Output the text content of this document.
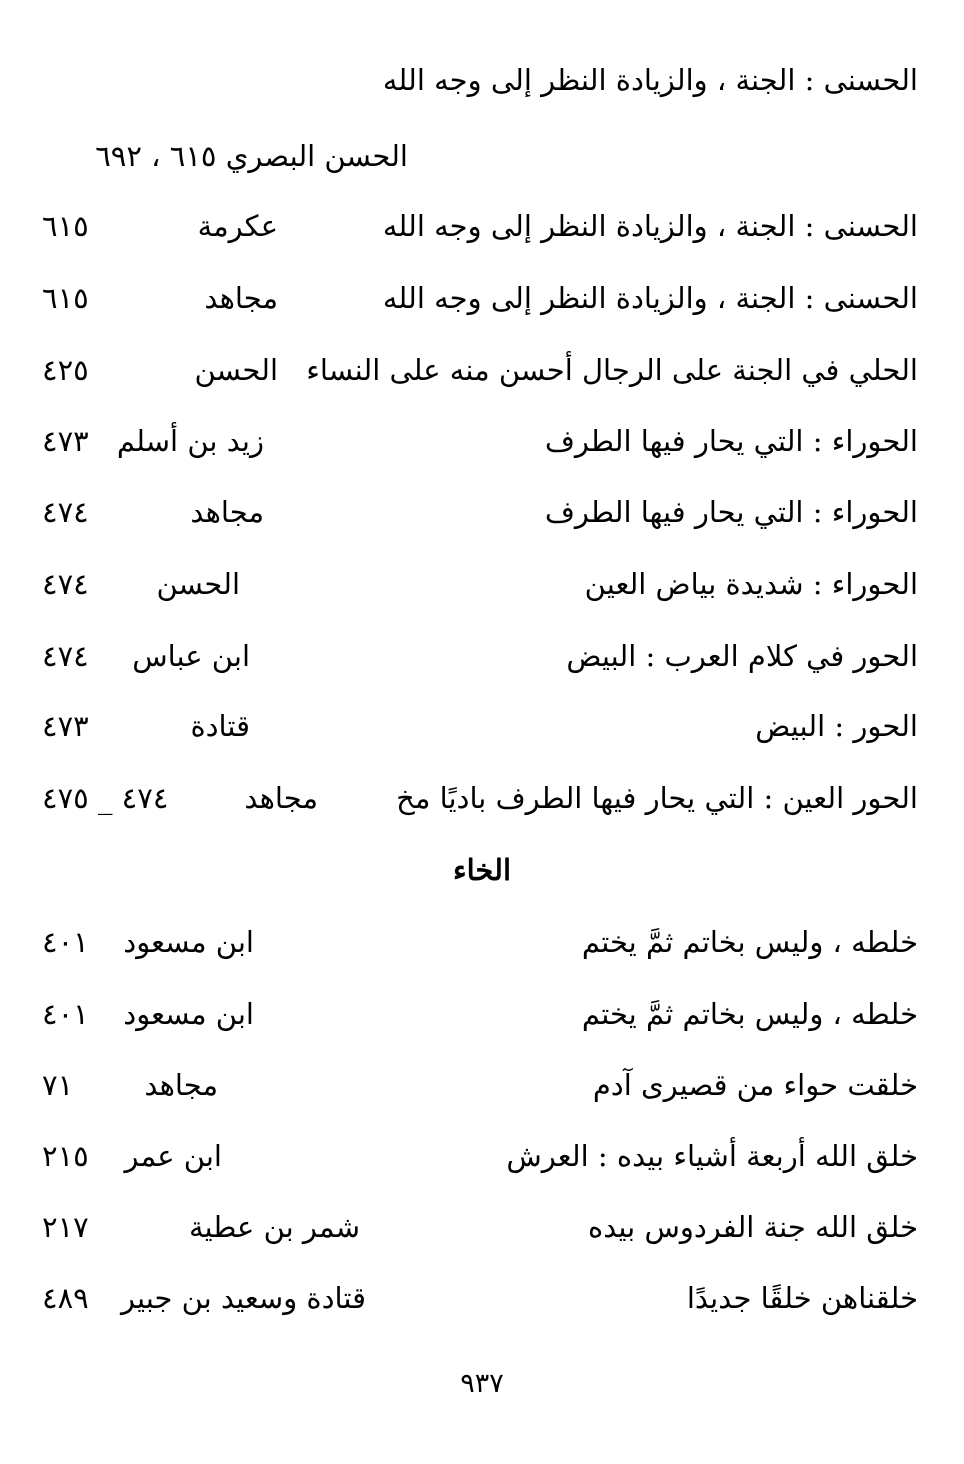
الحسنى : الجنة ، والزيادة النظر إلى وجه الله
الحسن البصري ٦١٥ ، ٦٩٢
الحسنى : الجنة ، والزيادة النظر إلى وجه الله
عكرمة
٦١٥
الحسنى : الجنة ، والزيادة النظر إلى وجه الله
مجاهد
٦١٥
الحلي في الجنة على الرجال أحسن منه على النساء
الحسن
٤٢٥
الحوراء : التي يحار فيها الطرف
زيد بن أسلم
٤٧٣
الحوراء : التي يحار فيها الطرف
مجاهد
٤٧٤
الحوراء : شديدة بياض العين
الحسن
٤٧٤
الحور في كلام العرب : البيض
ابن عباس
٤٧٤
الحور : البيض
قتادة
٤٧٣
الحور العين : التي يحار فيها الطرف باديًا مخ
مجاهد
٤٧٤ _ ٤٧٥
الخاء
خلطه ، وليس بخاتم ثمَّ يختم
ابن مسعود
٤٠١
خلطه ، وليس بخاتم ثمَّ يختم
ابن مسعود
٤٠١
خلقت حواء من قصيرى آدم
مجاهد
٧١
خلق الله أربعة أشياء بيده : العرش
ابن عمر
٢١٥
خلق الله جنة الفردوس بيده
شمر بن عطية
٢١٧
خلقناهن خلقًا جديدًا
قتادة وسعيد بن جبير
٤٨٩
٩٣٧
